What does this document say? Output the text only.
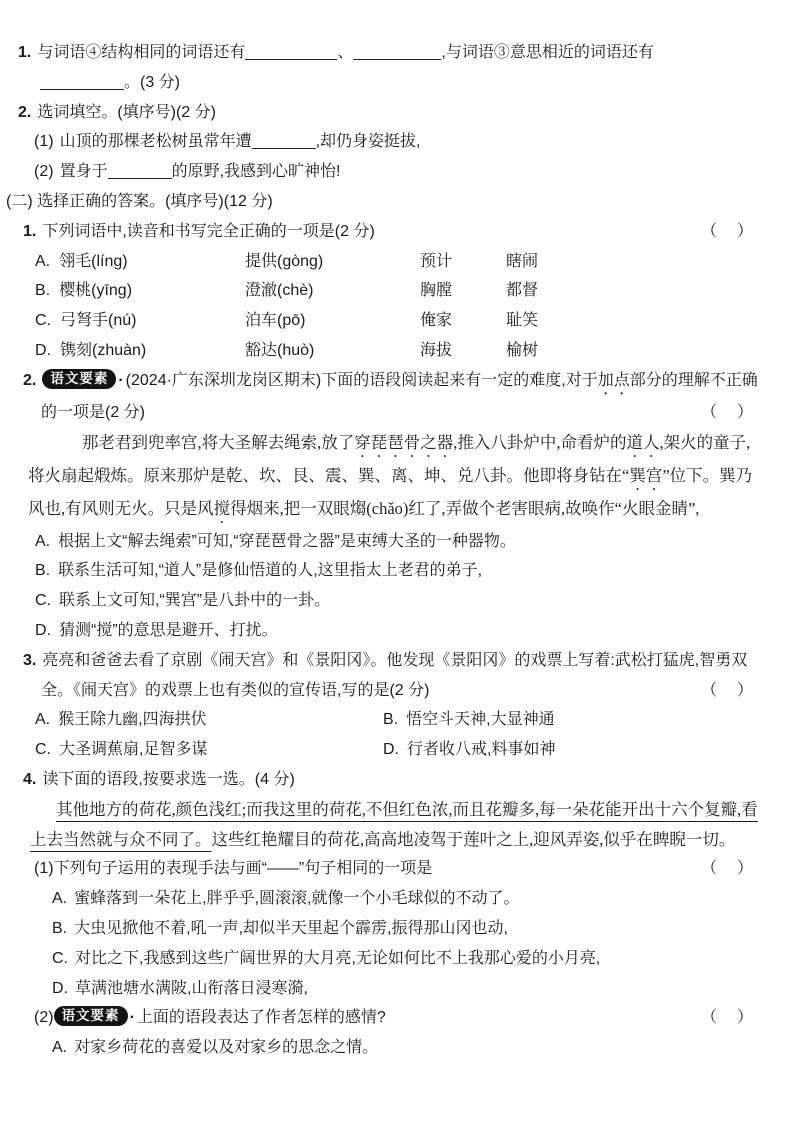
1. 与词语④结构相同的词语还有	、	,与词语③意思相近的词语还有
。(3 分)
2. 选词填空。(填序号)(2 分)
(1) 山顶的那棵老松树虽常年遭	,却仍身姿挺拔,
(2) 置身于	的原野,我感到心旷神怡!
(二) 选择正确的答案。(填序号)(12 分)
1. 下列词语中,读音和书写完全正确的一项是(2 分)	（　）
A. 翎毛(líng)	提供(gòng)	预计	瞎闹
B. 樱桃(yīng)	澄澈(chè)	胸膛	都督
C. 弓弩手(nú)	泊车(pō)	俺家	耻笑
D. 镌刻(zhuàn)	豁达(huò)	海拔	榆树
2. 语文要素 · (2024·广东深圳龙岗区期末)下面的语段阅读起来有一定的难度,对于加点部分的理解不正确的一项是(2 分)	（　）
那老君到兜率宫,将大圣解去绳索,放了穿琵琶骨之器,推入八卦炉中,命看炉的道人,架火的童子,将火扇起煅炼。原来那炉是乾、坎、艮、震、巽、离、坤、兑八卦。他即将身钻在“巽宫”位下。巽乃风也,有风则无火。只是风搅得烟来,把一双眼煼(chǎo)红了,弄做个老害眼病,故唤作“火眼金睛”,
A. 根据上文“解去绳索”可知,“穿琵琶骨之器”是束缚大圣的一种器物。
B. 联系生活可知,“道人”是修仙悟道的人,这里指太上老君的弟子,
C. 联系上文可知,“巽宫”是八卦中的一卦。
D. 猜测“搅”的意思是避开、打扰。
3. 亮亮和爸爸去看了京剧《闹天宫》和《景阳冈》。他发现《景阳冈》的戏票上写着:武松打猛虎,智勇双全。《闹天宫》的戏票上也有类似的宣传语,写的是(2 分)	（　）
A. 猴王除九幽,四海拱伏	B. 悟空斗天神,大显神通
C. 大圣调蕉扇,足智多谋	D. 行者收八戒,料事如神
4. 读下面的语段,按要求选一选。(4 分)
其他地方的荷花,颜色浅红;而我这里的荷花,不但红色浓,而且花瓣多,每一朵花能开出十六个复瓣,看上去当然就与众不同了。这些红艳耀目的荷花,高高地凌驾于莲叶之上,迎风弄姿,似乎在睥睨一切。
(1)下列句子运用的表现手法与画“——”句子相同的一项是	（　）
A. 蜜蜂落到一朵花上,胖乎乎,圆滚滚,就像一个小毛球似的不动了。
B. 大虫见掀他不着,吼一声,却似半天里起个霹雳,振得那山冈也动,
C. 对比之下,我感到这些广阔世界的大月亮,无论如何比不上我那心爱的小月亮,
D. 草满池塘水满陂,山衔落日浸寒漪,
(2) 语文要素 · 上面的语段表达了作者怎样的感情?	（　）
A. 对家乡荷花的喜爱以及对家乡的思念之情。
